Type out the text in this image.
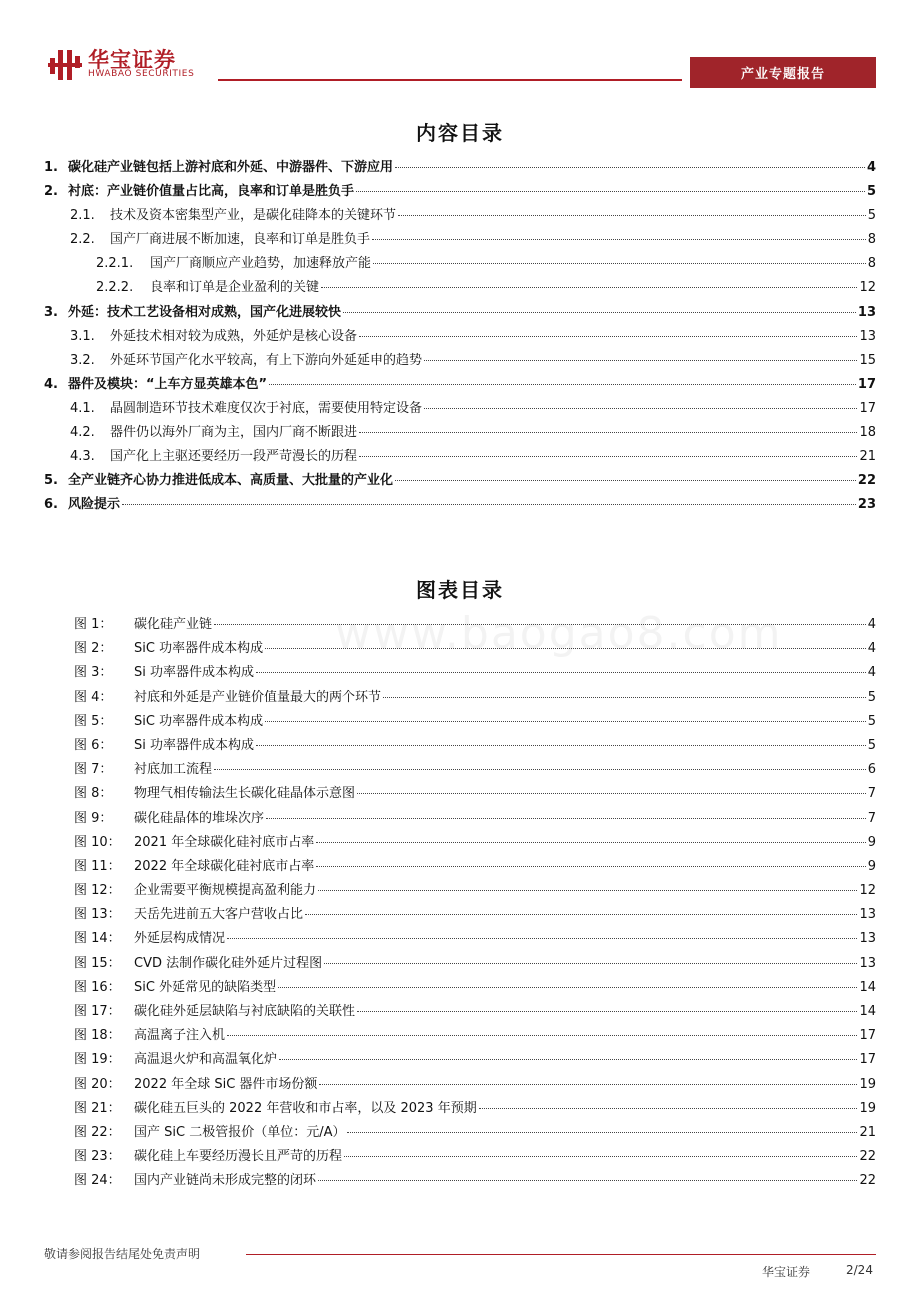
华宝证券
HWABAO SECURITIES	产业专题报告
内容目录
1. 碳化硅产业链包括上游衬底和外延、中游器件、下游应用	4
2. 衬底：产业链价值量占比高，良率和订单是胜负手	5
2.1. 技术及资本密集型产业，是碳化硅降本的关键环节	5
2.2. 国产厂商进展不断加速，良率和订单是胜负手	8
2.2.1. 国产厂商顺应产业趋势，加速释放产能	8
2.2.2. 良率和订单是企业盈利的关键	12
3. 外延：技术工艺设备相对成熟，国产化进展较快	13
3.1. 外延技术相对较为成熟，外延炉是核心设备	13
3.2. 外延环节国产化水平较高，有上下游向外延延申的趋势	15
4. 器件及模块：“上车方显英雄本色”	17
4.1. 晶圆制造环节技术难度仅次于衬底，需要使用特定设备	17
4.2. 器件仍以海外厂商为主，国内厂商不断跟进	18
4.3. 国产化上主驱还要经历一段严苛漫长的历程	21
5. 全产业链齐心协力推进低成本、高质量、大批量的产业化	22
6. 风险提示	23
www.baogao8.com
图表目录
图 1： 碳化硅产业链	4
图 2： SiC 功率器件成本构成	4
图 3： Si 功率器件成本构成	4
图 4： 衬底和外延是产业链价值量最大的两个环节	5
图 5： SiC 功率器件成本构成	5
图 6： Si 功率器件成本构成	5
图 7： 衬底加工流程	6
图 8： 物理气相传输法生长碳化硅晶体示意图	7
图 9： 碳化硅晶体的堆垛次序	7
图 10： 2021 年全球碳化硅衬底市占率	9
图 11： 2022 年全球碳化硅衬底市占率	9
图 12： 企业需要平衡规模提高盈利能力	12
图 13： 天岳先进前五大客户营收占比	13
图 14： 外延层构成情况	13
图 15： CVD 法制作碳化硅外延片过程图	13
图 16： SiC 外延常见的缺陷类型	14
图 17： 碳化硅外延层缺陷与衬底缺陷的关联性	14
图 18： 高温离子注入机	17
图 19： 高温退火炉和高温氧化炉	17
图 20： 2022 年全球 SiC 器件市场份额	19
图 21： 碳化硅五巨头的 2022 年营收和市占率，以及 2023 年预期	19
图 22： 国产 SiC 二极管报价（单位：元/A）	21
图 23： 碳化硅上车要经历漫长且严苛的历程	22
图 24： 国内产业链尚未形成完整的闭环	22
敬请参阅报告结尾处免责声明
华宝证券	2/24
